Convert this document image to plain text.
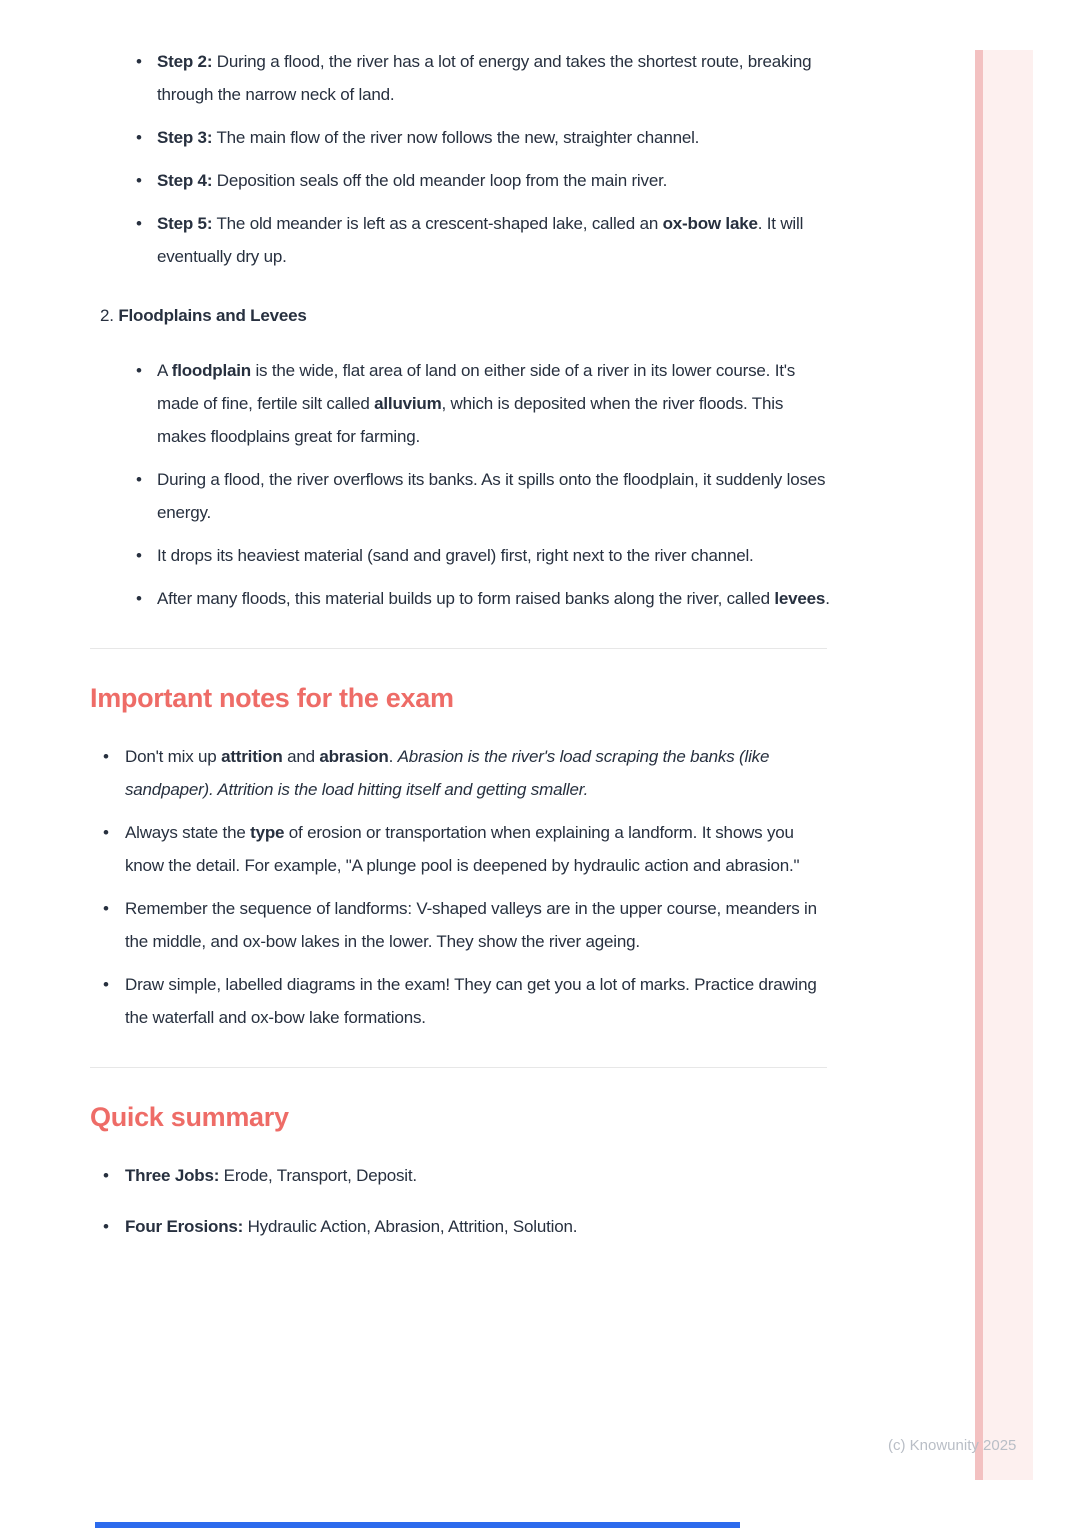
• Step 2: During a flood, the river has a lot of energy and takes the shortest route, breaking through the narrow neck of land.
• Step 3: The main flow of the river now follows the new, straighter channel.
• Step 4: Deposition seals off the old meander loop from the main river.
• Step 5: The old meander is left as a crescent-shaped lake, called an ox-bow lake. It will eventually dry up.
2. Floodplains and Levees
• A floodplain is the wide, flat area of land on either side of a river in its lower course. It's made of fine, fertile silt called alluvium, which is deposited when the river floods. This makes floodplains great for farming.
• During a flood, the river overflows its banks. As it spills onto the floodplain, it suddenly loses energy.
• It drops its heaviest material (sand and gravel) first, right next to the river channel.
• After many floods, this material builds up to form raised banks along the river, called levees.
Important notes for the exam
• Don't mix up attrition and abrasion. Abrasion is the river's load scraping the banks (like sandpaper). Attrition is the load hitting itself and getting smaller.
• Always state the type of erosion or transportation when explaining a landform. It shows you know the detail. For example, "A plunge pool is deepened by hydraulic action and abrasion."
• Remember the sequence of landforms: V-shaped valleys are in the upper course, meanders in the middle, and ox-bow lakes in the lower. They show the river ageing.
• Draw simple, labelled diagrams in the exam! They can get you a lot of marks. Practice drawing the waterfall and ox-bow lake formations.
Quick summary
• Three Jobs: Erode, Transport, Deposit.
• Four Erosions: Hydraulic Action, Abrasion, Attrition, Solution.
(c) Knowunity 2025
